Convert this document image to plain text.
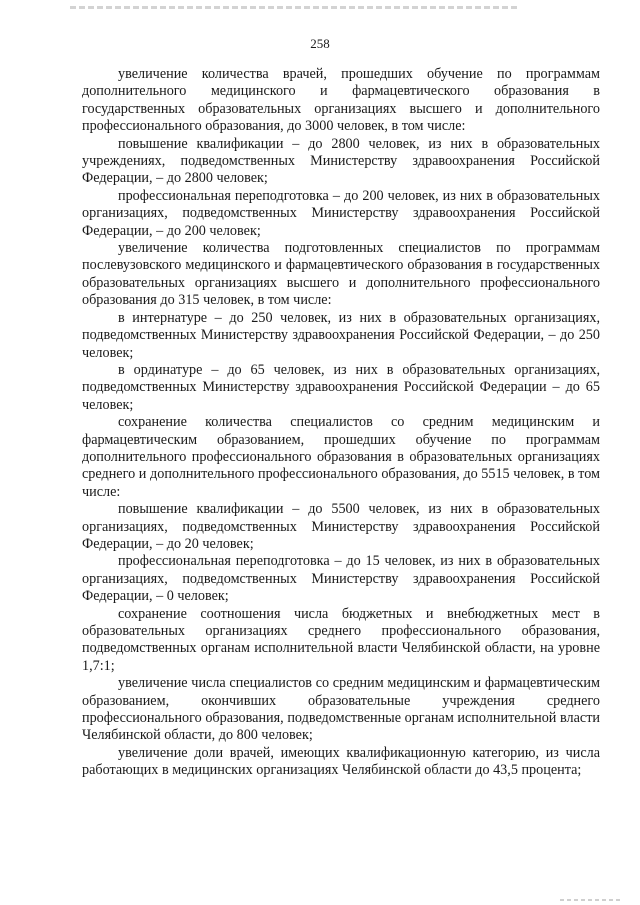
258

увеличение количества врачей, прошедших обучение по программам дополнительного медицинского и фармацевтического образования в государственных образовательных организациях высшего и дополнительного профессионального образования, до 3000 человек, в том числе:

повышение квалификации – до 2800 человек, из них в образовательных учреждениях, подведомственных Министерству здравоохранения Российской Федерации, – до 2800 человек;

профессиональная переподготовка – до 200 человек, из них в образовательных организациях, подведомственных Министерству здравоохранения Российской Федерации, – до 200 человек;

увеличение количества подготовленных специалистов по программам послевузовского медицинского и фармацевтического образования в государственных образовательных организациях высшего и дополнительного профессионального образования до 315 человек, в том числе:

в интернатуре – до 250 человек, из них в образовательных организациях, подведомственных Министерству здравоохранения Российской Федерации, – до 250 человек;

в ординатуре – до 65 человек, из них в образовательных организациях, подведомственных Министерству здравоохранения Российской Федерации – до 65 человек;

сохранение количества специалистов со средним медицинским и фармацевтическим образованием, прошедших обучение по программам дополнительного профессионального образования в образовательных организациях среднего и дополнительного профессионального образования, до 5515 человек, в том числе:

повышение квалификации – до 5500 человек, из них в образовательных организациях, подведомственных Министерству здравоохранения Российской Федерации, – до 20 человек;

профессиональная переподготовка – до 15 человек, из них в образовательных организациях, подведомственных Министерству здравоохранения Российской Федерации, – 0 человек;

сохранение соотношения числа бюджетных и внебюджетных мест в образовательных организациях среднего профессионального образования, подведомственных органам исполнительной власти Челябинской области, на уровне 1,7:1;

увеличение числа специалистов со средним медицинским и фармацевтическим образованием, окончивших образовательные учреждения среднего профессионального образования, подведомственные органам исполнительной власти Челябинской области, до 800 человек;

увеличение доли врачей, имеющих квалификационную категорию, из числа работающих в медицинских организациях Челябинской области до 43,5 процента;
